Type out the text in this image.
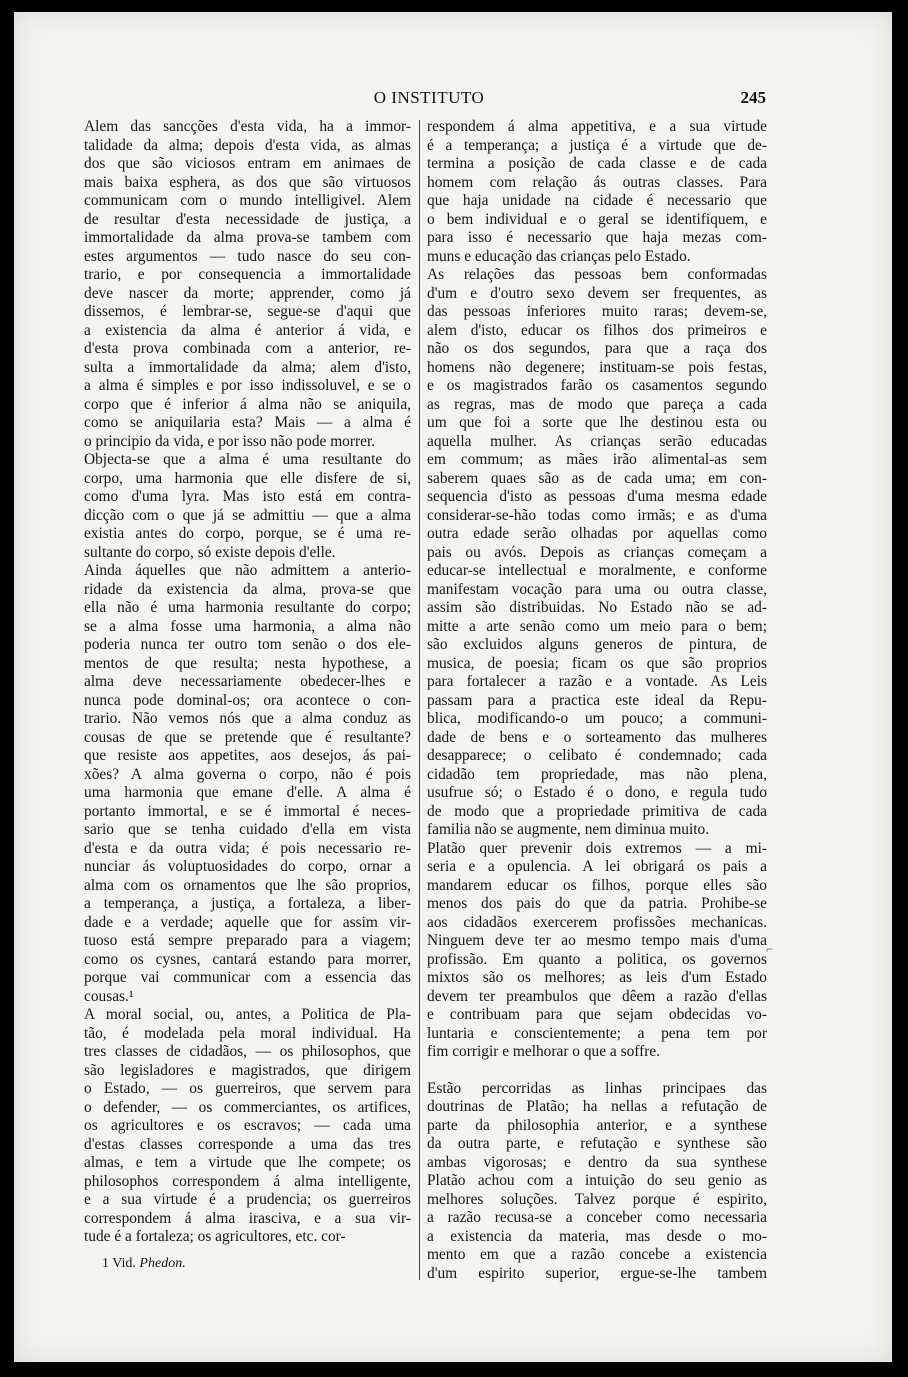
O INSTITUTO	245
Alem das sancções d'esta vida, ha a immor-
talidade da alma; depois d'esta vida, as almas
dos que são viciosos entram em animaes de
mais baixa esphera, as dos que são virtuosos
communicam com o mundo intelligivel. Alem
de resultar d'esta necessidade de justiça, a
immortalidade da alma prova-se tambem com
estes argumentos — tudo nasce do seu con-
trario, e por consequencia a immortalidade
deve nascer da morte; apprender, como já
dissemos, é lembrar-se, segue-se d'aqui que
a existencia da alma é anterior á vida, e
d'esta prova combinada com a anterior, re-
sulta a immortalidade da alma; alem d'isto,
a alma é simples e por isso indissoluvel, e se o
corpo que é inferior á alma não se aniquila,
como se aniquilaria esta? Mais — a alma é
o principio da vida, e por isso não pode morrer.
Objecta-se que a alma é uma resultante do
corpo, uma harmonia que elle disfere de si,
como d'uma lyra. Mas isto está em contra-
dicção com o que já se admittiu — que a alma
existia antes do corpo, porque, se é uma re-
sultante do corpo, só existe depois d'elle.
Ainda áquelles que não admittem a anterio-
ridade da existencia da alma, prova-se que
ella não é uma harmonia resultante do corpo;
se a alma fosse uma harmonia, a alma não
poderia nunca ter outro tom senão o dos ele-
mentos de que resulta; nesta hypothese, a
alma deve necessariamente obedecer-lhes e
nunca pode dominal-os; ora acontece o con-
trario. Não vemos nós que a alma conduz as
cousas de que se pretende que é resultante?
que resiste aos appetites, aos desejos, ás pai-
xões? A alma governa o corpo, não é pois
uma harmonia que emane d'elle. A alma é
portanto immortal, e se é immortal é neces-
sario que se tenha cuidado d'ella em vista
d'esta e da outra vida; é pois necessario re-
nunciar ás voluptuosidades do corpo, ornar a
alma com os ornamentos que lhe são proprios,
a temperança, a justiça, a fortaleza, a liber-
dade e a verdade; aquelle que for assim vir-
tuoso está sempre preparado para a viagem;
como os cysnes, cantará estando para morrer,
porque vai communicar com a essencia das
cousas.¹
A moral social, ou, antes, a Politica de Pla-
tão, é modelada pela moral individual. Ha
tres classes de cidadãos, — os philosophos, que
são legisladores e magistrados, que dirigem
o Estado, — os guerreiros, que servem para
o defender, — os commerciantes, os artifices,
os agricultores e os escravos; — cada uma
d'estas classes corresponde a uma das tres
almas, e tem a virtude que lhe compete; os
philosophos correspondem á alma intelligente,
e a sua virtude é a prudencia; os guerreiros
correspondem á alma irasciva, e a sua vir-
tude é a fortaleza; os agricultores, etc. cor-
respondem á alma appetitiva, e a sua virtude
é a temperança; a justiça é a virtude que de-
termina a posição de cada classe e de cada
homem com relação ás outras classes. Para
que haja unidade na cidade é necessario que
o bem individual e o geral se identifiquem, e
para isso é necessario que haja mezas com-
muns e educação das crianças pelo Estado.
As relações das pessoas bem conformadas
d'um e d'outro sexo devem ser frequentes, as
das pessoas inferiores muito raras; devem-se,
alem d'isto, educar os filhos dos primeiros e
não os dos segundos, para que a raça dos
homens não degenere; instituam-se pois festas,
e os magistrados farão os casamentos segundo
as regras, mas de modo que pareça a cada
um que foi a sorte que lhe destinou esta ou
aquella mulher. As crianças serão educadas
em commum; as mães irão alimental-as sem
saberem quaes são as de cada uma; em con-
sequencia d'isto as pessoas d'uma mesma edade
considerar-se-hão todas como irmãs; e as d'uma
outra edade serão olhadas por aquellas como
pais ou avós. Depois as crianças começam a
educar-se intellectual e moralmente, e conforme
manifestam vocação para uma ou outra classe,
assim são distribuidas. No Estado não se ad-
mitte a arte senão como um meio para o bem;
são excluidos alguns generos de pintura, de
musica, de poesia; ficam os que são proprios
para fortalecer a razão e a vontade. As Leis
passam para a practica este ideal da Repu-
blica, modificando-o um pouco; a communi-
dade de bens e o sorteamento das mulheres
desapparece; o celibato é condemnado; cada
cidadão tem propriedade, mas não plena,
usufrue só; o Estado é o dono, e regula tudo
de modo que a propriedade primitiva de cada
familia não se augmente, nem diminua muito.
Platão quer prevenir dois extremos — a mi-
seria e a opulencia. A lei obrigará os pais a
mandarem educar os filhos, porque elles são
menos dos pais do que da patria. Prohibe-se
aos cidadãos exercerem profissões mechanicas.
Ninguem deve ter ao mesmo tempo mais d'uma
profissão. Em quanto a politica, os governos
mixtos são os melhores; as leis d'um Estado
devem ter preambulos que dêem a razão d'ellas
e contribuam para que sejam obdecidas vo-
luntaria e conscientemente; a pena tem por
fim corrigir e melhorar o que a soffre.
Estão percorridas as linhas principaes das
doutrinas de Platão; ha nellas a refutação de
parte da philosophia anterior, e a synthese
da outra parte, e refutação e synthese são
ambas vigorosas; e dentro da sua synthese
Platão achou com a intuição do seu genio as
melhores soluções. Talvez porque é espirito,
a razão recusa-se a conceber como necessaria
a existencia da materia, mas desde o mo-
mento em que a razão concebe a existencia
d'um espirito superior, ergue-se-lhe tambem
1 Vid. Phedon.
⌐
